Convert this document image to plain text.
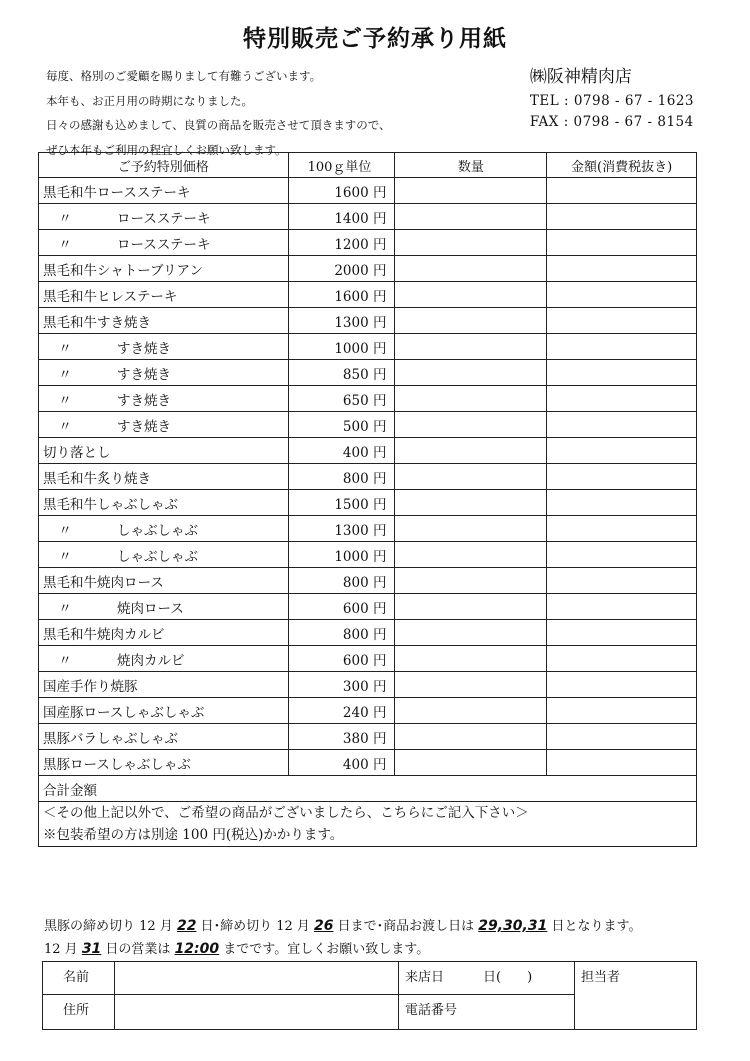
特別販売ご予約承り用紙
毎度、格別のご愛顧を賜りまして有難うございます。
本年も、お正月用の時期になりました。
日々の感謝も込めまして、良質の商品を販売させて頂きますので、
ぜひ本年もご利用の程宜しくお願い致します。
㈱阪神精肉店
TEL : 0798 - 67 - 1623
FAX : 0798 - 67 - 8154
ご予約特別価格	100ｇ単位	数量	金額(消費税抜き)
黒毛和牛ロースステーキ	1600 円		
〃 ロースステーキ	1400 円		
〃 ロースステーキ	1200 円		
黒毛和牛シャトーブリアン	2000 円		
黒毛和牛ヒレステーキ	1600 円		
黒毛和牛すき焼き	1300 円		
〃 すき焼き	1000 円		
〃 すき焼き	850 円		
〃 すき焼き	650 円		
〃 すき焼き	500 円		
切り落とし	400 円		
黒毛和牛炙り焼き	800 円		
黒毛和牛しゃぶしゃぶ	1500 円		
〃 しゃぶしゃぶ	1300 円		
〃 しゃぶしゃぶ	1000 円		
黒毛和牛焼肉ロース	800 円		
〃 焼肉ロース	600 円		
黒毛和牛焼肉カルビ	800 円		
〃 焼肉カルビ	600 円		
国産手作り焼豚	300 円		
国産豚ロースしゃぶしゃぶ	240 円		
黒豚バラしゃぶしゃぶ	380 円		
黒豚ロースしゃぶしゃぶ	400 円		
合計金額			

＜その他上記以外で、ご希望の商品がございましたら、こちらにご記入下さい＞
※包装希望の方は別途 100 円(税込)かかります。			
黒豚の締め切り 12 月 22 日･締め切り 12 月 26 日まで･商品お渡し日は 29,30,31 日となります。
12 月 31 日の営業は 12:00 までです。宜しくお願い致します。
名前		来店日　　　日(　　)	担当者
住所		電話番号	
